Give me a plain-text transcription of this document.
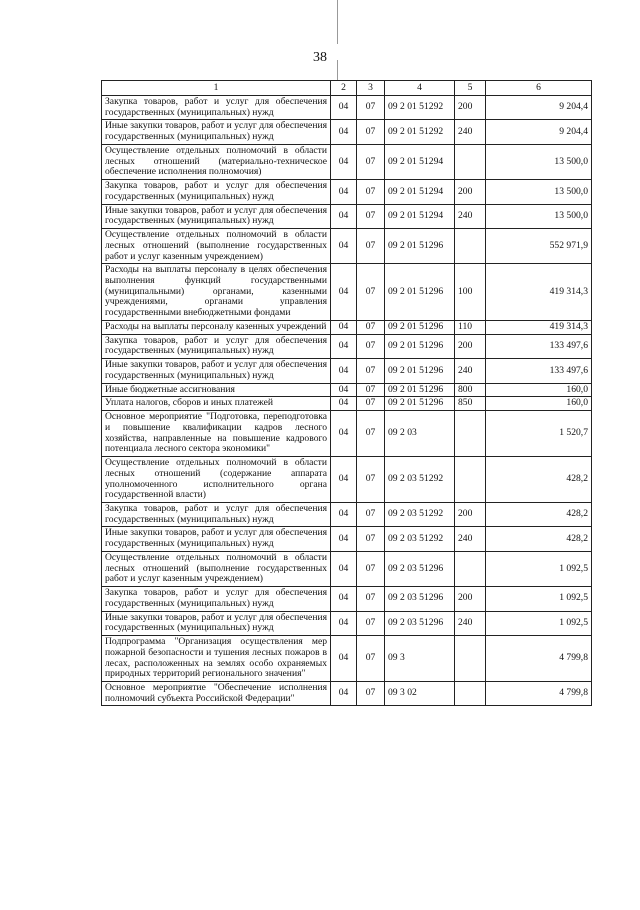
38
1	2	3	4	5	6
Закупка товаров, работ и услуг для обеспечения государственных (муниципальных) нужд	04	07	09 2 01 51292	200	9 204,4
Иные закупки товаров, работ и услуг для обеспечения государственных (муниципальных) нужд	04	07	09 2 01 51292	240	9 204,4
Осуществление отдельных полномочий в области лесных отношений (материально-техническое обеспечение исполнения полномочия)	04	07	09 2 01 51294		13 500,0
Закупка товаров, работ и услуг для обеспечения государственных (муниципальных) нужд	04	07	09 2 01 51294	200	13 500,0
Иные закупки товаров, работ и услуг для обеспечения государственных (муниципальных) нужд	04	07	09 2 01 51294	240	13 500,0
Осуществление отдельных полномочий в области лесных отношений (выполнение государственных работ и услуг казенным учреждением)	04	07	09 2 01 51296		552 971,9
Расходы на выплаты персоналу в целях обеспечения выполнения функций государственными (муниципальными) органами, казенными учреждениями, органами управления государственными внебюджетными фондами	04	07	09 2 01 51296	100	419 314,3
Расходы на выплаты персоналу казенных учреждений	04	07	09 2 01 51296	110	419 314,3
Закупка товаров, работ и услуг для обеспечения государственных (муниципальных) нужд	04	07	09 2 01 51296	200	133 497,6
Иные закупки товаров, работ и услуг для обеспечения государственных (муниципальных) нужд	04	07	09 2 01 51296	240	133 497,6
Иные бюджетные ассигнования	04	07	09 2 01 51296	800	160,0
Уплата налогов, сборов и иных платежей	04	07	09 2 01 51296	850	160,0
Основное мероприятие "Подготовка, переподготовка и повышение квалификации кадров лесного хозяйства, направленные на повышение кадрового потенциала лесного сектора экономики"	04	07	09 2 03		1 520,7
Осуществление отдельных полномочий в области лесных отношений (содержание аппарата уполномоченного исполнительного органа государственной власти)	04	07	09 2 03 51292		428,2
Закупка товаров, работ и услуг для обеспечения государственных (муниципальных) нужд	04	07	09 2 03 51292	200	428,2
Иные закупки товаров, работ и услуг для обеспечения государственных (муниципальных) нужд	04	07	09 2 03 51292	240	428,2
Осуществление отдельных полномочий в области лесных отношений (выполнение государственных работ и услуг казенным учреждением)	04	07	09 2 03 51296		1 092,5
Закупка товаров, работ и услуг для обеспечения государственных (муниципальных) нужд	04	07	09 2 03 51296	200	1 092,5
Иные закупки товаров, работ и услуг для обеспечения государственных (муниципальных) нужд	04	07	09 2 03 51296	240	1 092,5
Подпрограмма "Организация осуществления мер пожарной безопасности и тушения лесных пожаров в лесах, расположенных на землях особо охраняемых природных территорий регионального значения"	04	07	09 3		4 799,8
Основное мероприятие "Обеспечение исполнения полномочий субъекта Российской Федерации"	04	07	09 3 02		4 799,8
